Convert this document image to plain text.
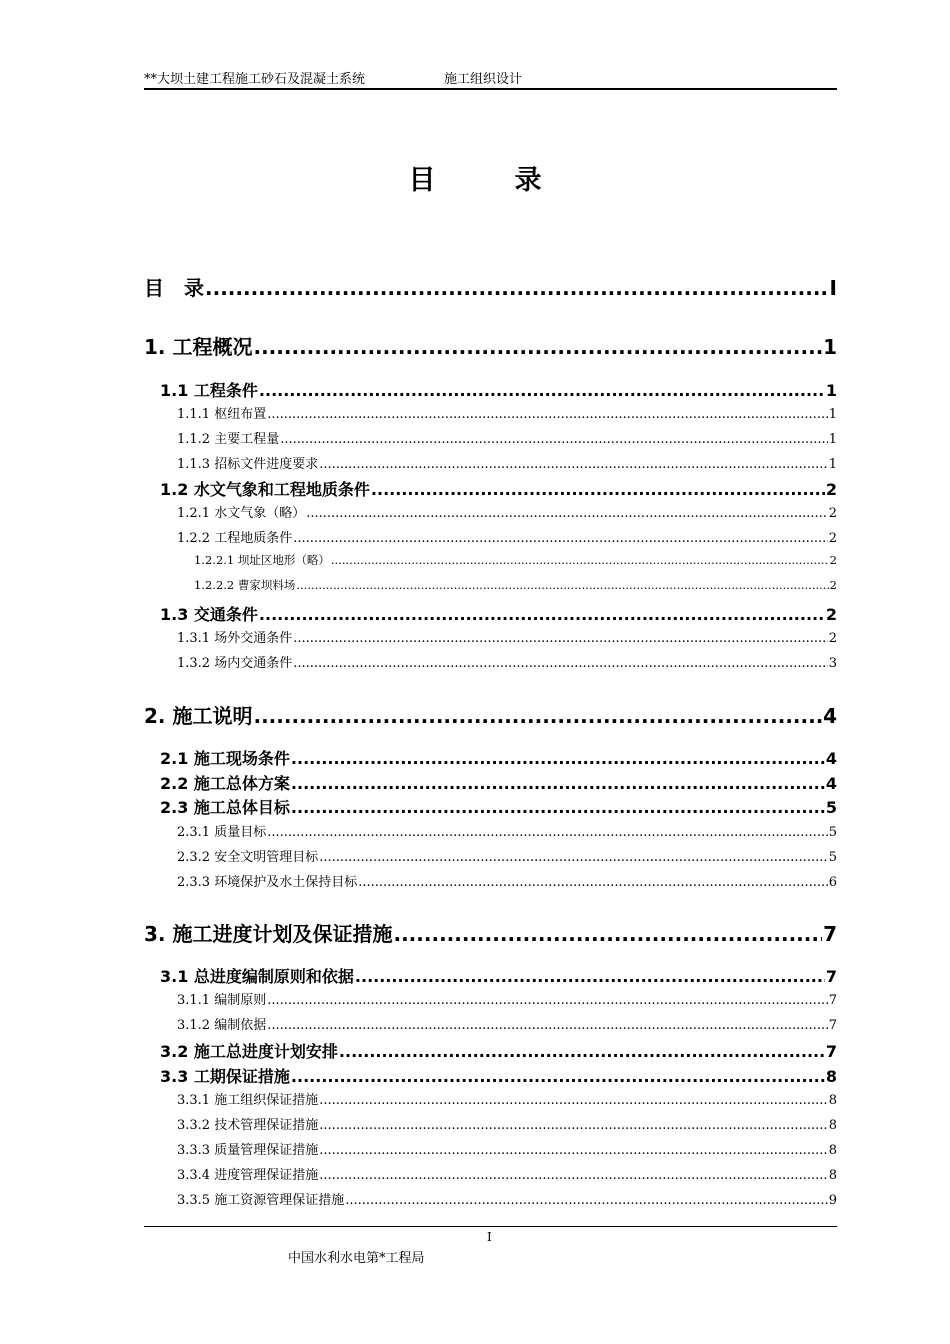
**大坝土建工程施工砂石及混凝土系统	施工组织设计
目　录
目　录 .....	I
1. 工程概况 .....	1
1.1 工程条件 .....	1
1.1.1 枢纽布置 .....	1
1.1.2 主要工程量 .....	1
1.1.3 招标文件进度要求 .....	1
1.2 水文气象和工程地质条件 .....	2
1.2.1 水文气象（略） .....	2
1.2.2 工程地质条件 .....	2
1.2.2.1 坝址区地形（略） .....	2
1.2.2.2 曹家坝料场 .....	2
1.3 交通条件 .....	2
1.3.1 场外交通条件 .....	2
1.3.2 场内交通条件 .....	3
2. 施工说明 .....	4
2.1 施工现场条件 .....	4
2.2 施工总体方案 .....	4
2.3 施工总体目标 .....	5
2.3.1 质量目标 .....	5
2.3.2 安全文明管理目标 .....	5
2.3.3 环境保护及水土保持目标 .....	6
3. 施工进度计划及保证措施 .....	7
3.1 总进度编制原则和依据 .....	7
3.1.1 编制原则 .....	7
3.1.2 编制依据 .....	7
3.2 施工总进度计划安排 .....	7
3.3 工期保证措施 .....	8
3.3.1 施工组织保证措施 .....	8
3.3.2 技术管理保证措施 .....	8
3.3.3 质量管理保证措施 .....	8
3.3.4 进度管理保证措施 .....	8
3.3.5 施工资源管理保证措施 .....	9
I
中国水利水电第*工程局
